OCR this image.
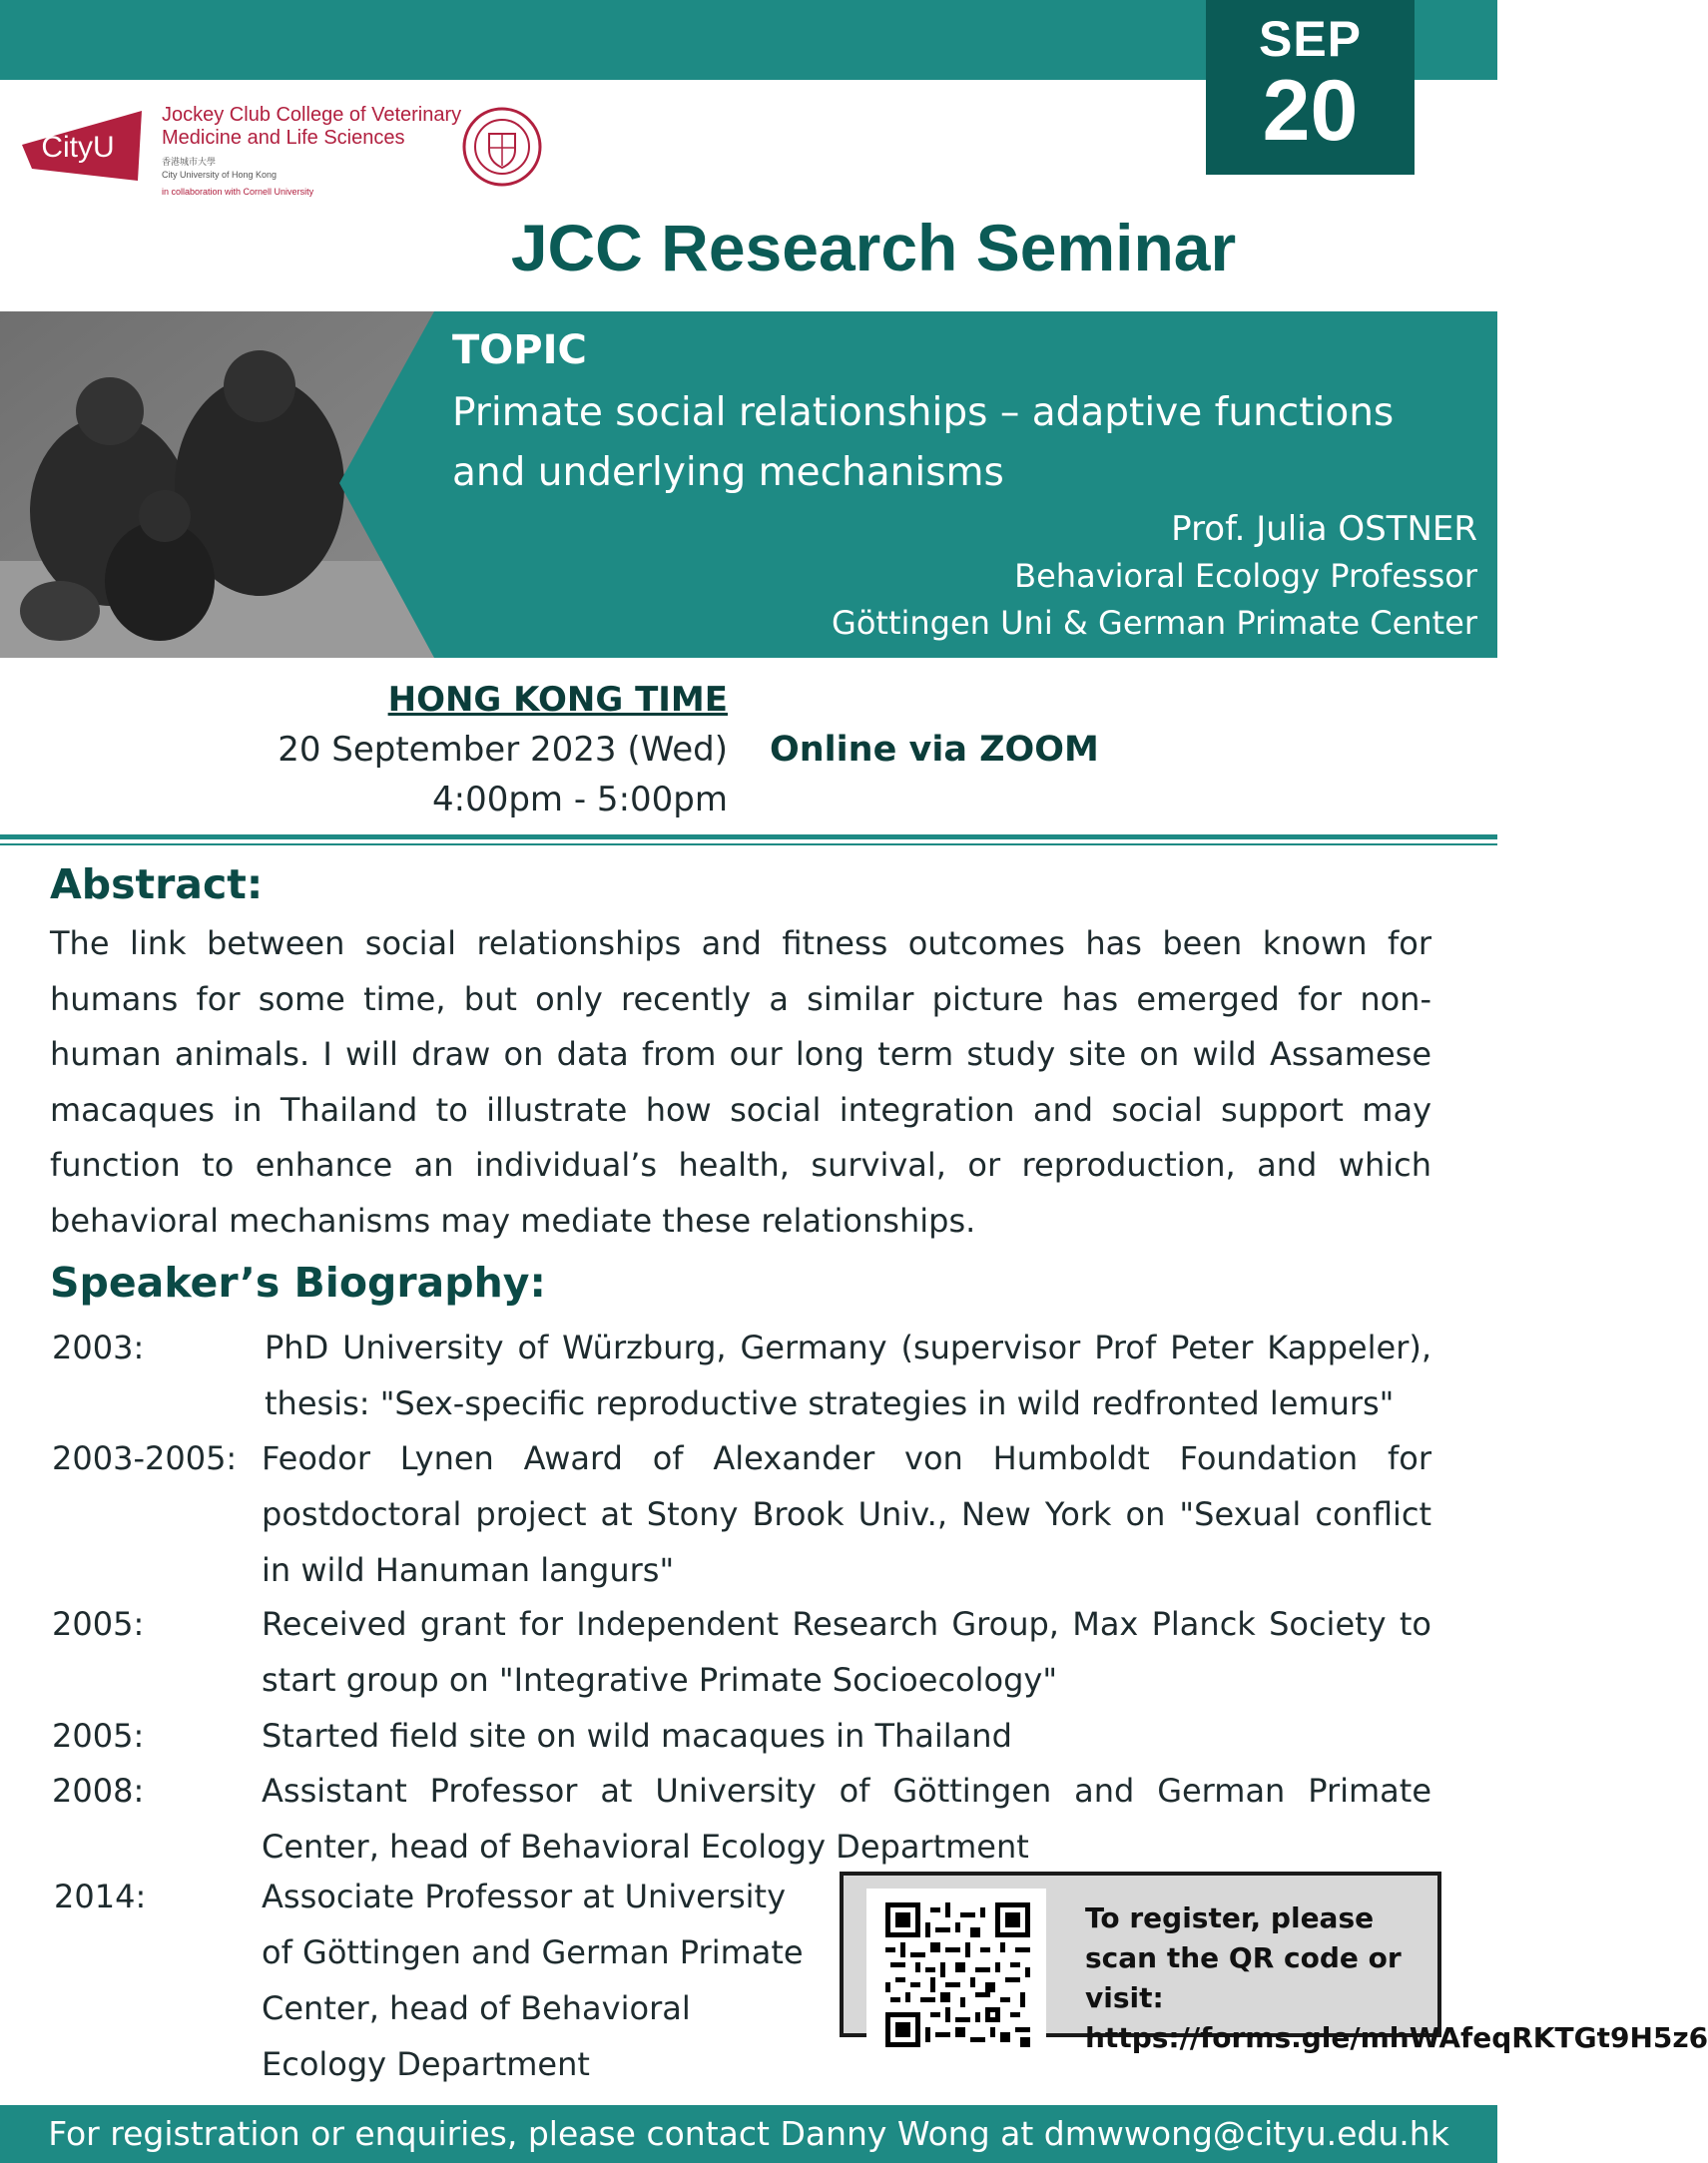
SEP
20
CityU
Jockey Club College of Veterinary
Medicine and Life Sciences
香港城市大學
City University of Hong Kong
in collaboration with Cornell University
JCC Research Seminar
TOPIC
Primate social relationships – adaptive functions and underlying mechanisms
Prof. Julia OSTNER
Behavioral Ecology Professor
Göttingen Uni & German Primate Center
HONG KONG TIME
20 September 2023 (Wed)
4:00pm - 5:00pm
Online via ZOOM
Abstract:

The link between social relationships and fitness outcomes has been known for humans for some time, but only recently a similar picture has emerged for non-human animals. I will draw on data from our long term study site on wild Assamese macaques in Thailand to illustrate how social integration and social support may function to enhance an individual’s health, survival, or reproduction, and which behavioral mechanisms may mediate these relationships.

Speaker’s Biography:
2003:	PhD University of Würzburg, Germany (supervisor Prof Peter Kappeler), thesis: "Sex-specific reproductive strategies in wild redfronted lemurs"
2003-2005: Feodor Lynen Award of Alexander von Humboldt Foundation for postdoctoral project at Stony Brook Univ., New York on "Sexual conflict in wild Hanuman langurs"
2005:	Received grant for Independent Research Group, Max Planck Society to start group on "Integrative Primate Socioecology"
2005:	Started field site on wild macaques in Thailand
2008:	Assistant Professor at University of Göttingen and German Primate Center, head of Behavioral Ecology Department
2014:	Associate Professor at University of Göttingen and German Primate Center, head of Behavioral Ecology Department
To register, please scan the QR code or visit: https://forms.gle/mhWAfeqRKTGt9H5z6
For registration or enquiries, please contact Danny Wong at dmwwong@cityu.edu.hk
